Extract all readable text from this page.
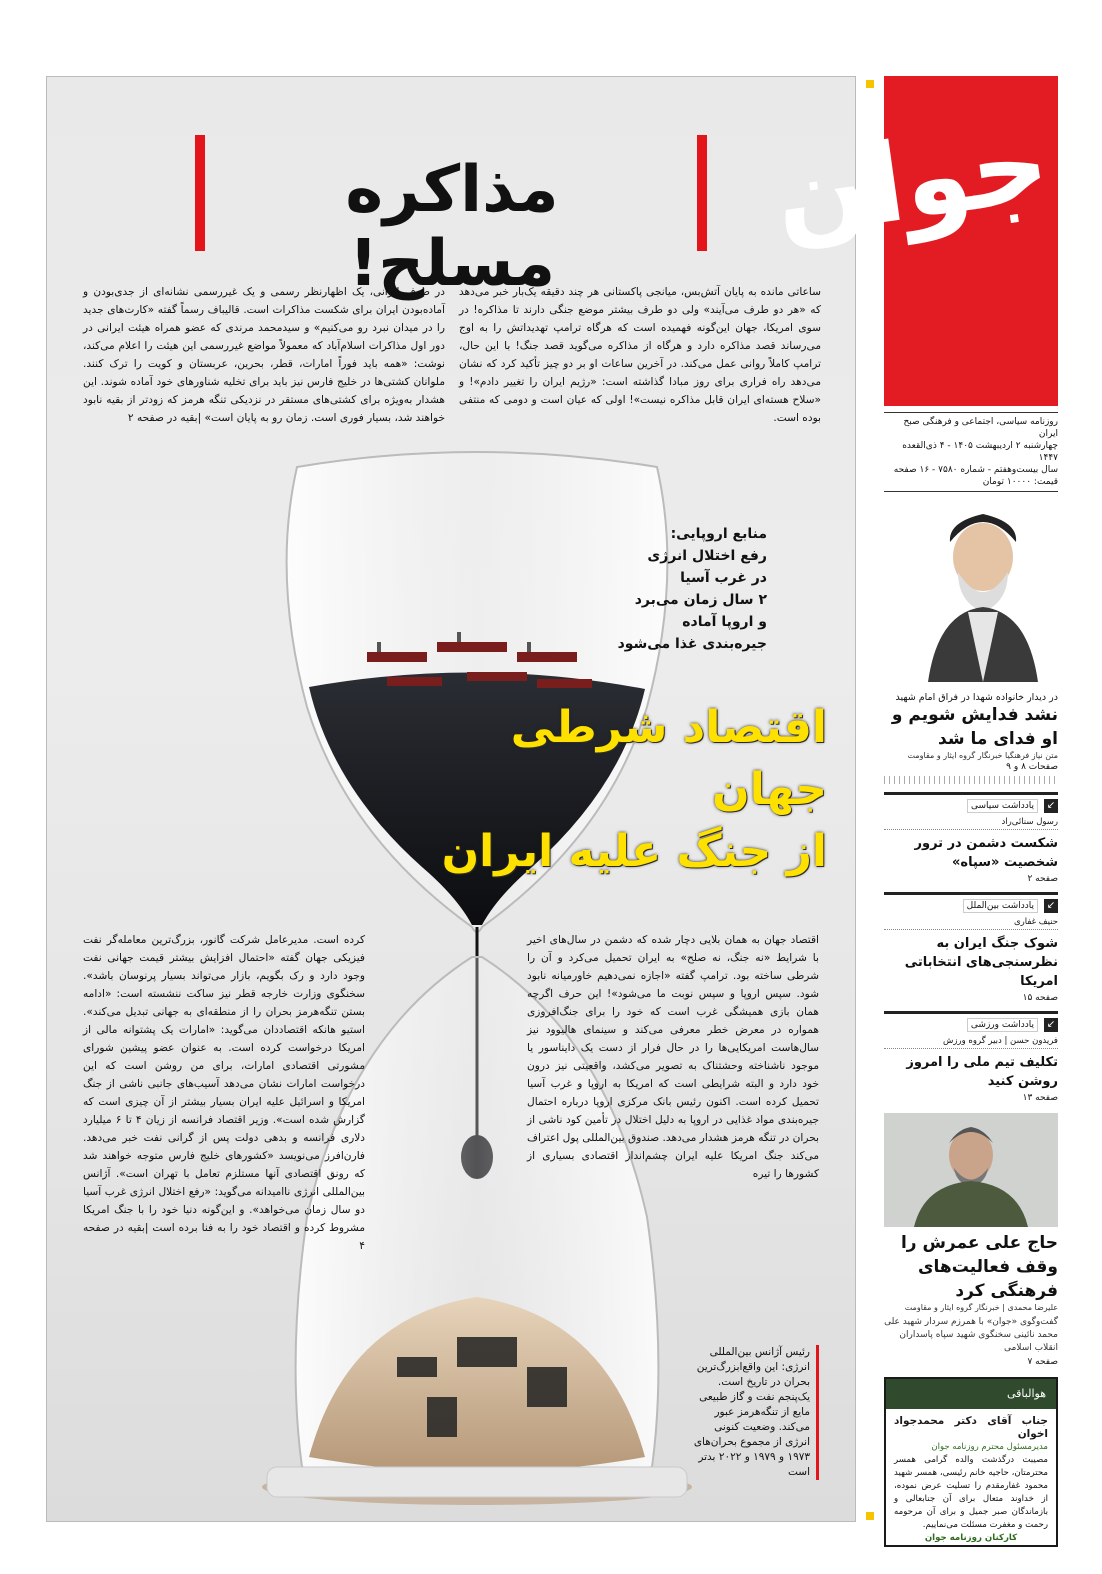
مذاکره مسلح!
ساعاتی مانده به پایان آتش‌بس، میانجی پاکستانی هر چند دقیقه یک‌بار خبر می‌دهد که «هر دو طرف می‌آیند» ولی دو طرف بیشتر موضع جنگی دارند تا مذاکره! در سوی امریکا، جهان این‌گونه فهمیده است که هرگاه ترامپ تهدیداتش را به اوج می‌رساند قصد مذاکره دارد و هرگاه از مذاکره می‌گوید قصد جنگ! با این حال، ترامپ کاملاً روانی عمل می‌کند. در آخرین ساعات او بر دو چیز تأکید کرد که نشان می‌دهد راه فراری برای روز مبادا گذاشته است: «رژیم ایران را تغییر دادم»! و «سلاح هسته‌ای ایران قابل مذاکره نیست»! اولی که عیان است و دومی که منتفی بوده است.
در طرف ایرانی، یک اظهارنظر رسمی و یک غیررسمی نشانه‌ای از جدی‌بودن و آماده‌بودن ایران برای شکست مذاکرات است. قالیباف رسماً گفته «کارت‌های جدید را در میدان نبرد رو می‌کنیم» و سیدمحمد مرندی که عضو همراه هیئت ایرانی در دور اول مذاکرات اسلام‌آباد که معمولاً مواضع غیررسمی این هیئت را اعلام می‌کند، نوشت: «همه باید فوراً امارات، قطر، بحرین، عربستان و کویت را ترک کنند. ملوانان کشتی‌ها در خلیج فارس نیز باید برای تخلیه شناورهای خود آماده شوند. این هشدار به‌ویژه برای کشتی‌های مستقر در نزدیکی تنگه هرمز که زودتر از بقیه نابود خواهند شد، بسیار فوری است. زمان رو به پایان است» |بقیه در صفحه ۲
منابع اروپایی:
رفع اختلال انرژی
در غرب آسیا
۲ سال زمان می‌برد
و اروپا آماده
جیره‌بندی غذا می‌شود
اقتصاد شرطی جهان
از جنگ علیه ایران
اقتصاد جهان به همان بلایی دچار شده که دشمن در سال‌های اخیر با شرایط «نه جنگ، نه صلح» به ایران تحمیل می‌کرد و آن را شرطی ساخته بود. ترامپ گفته «اجازه نمی‌دهیم خاورمیانه نابود شود. سپس اروپا و سپس نوبت ما می‌شود»! این حرف اگرچه همان بازی همیشگی غرب است که خود را برای جنگ‌افروزی همواره در معرض خطر معرفی می‌کند و سینمای هالیوود نیز سال‌هاست امریکایی‌ها را در حال فرار از دست یک دایناسور یا موجود ناشناخته وحشتناک به تصویر می‌کشد، واقعیتی نیز درون خود دارد و البته شرایطی است که امریکا به اروپا و غرب آسیا تحمیل کرده است. اکنون رئیس بانک مرکزی اروپا درباره احتمال جیره‌بندی مواد غذایی در اروپا به دلیل اختلال در تأمین کود ناشی از بحران در تنگه هرمز هشدار می‌دهد. صندوق بین‌المللی پول اعتراف می‌کند جنگ امریکا علیه ایران چشم‌انداز اقتصادی بسیاری از کشورها را تیره
کرده است. مدیرعامل شرکت گانور، بزرگ‌ترین معامله‌گر نفت فیزیکی جهان گفته «احتمال افزایش بیشتر قیمت جهانی نفت وجود دارد و رک بگویم، بازار می‌تواند بسیار پرنوسان باشد». سخنگوی وزارت خارجه قطر نیز ساکت ننشسته است: «ادامه بستن تنگه‌هرمز بحران را از منطقه‌ای به جهانی تبدیل می‌کند». استیو هانکه اقتصاددان می‌گوید: «امارات یک پشتوانه مالی از امریکا درخواست کرده است. به عنوان عضو پیشین شورای مشورتی اقتصادی امارات، برای من روشن است که این درخواست امارات نشان می‌دهد آسیب‌های جانبی ناشی از جنگ امریکا و اسرائیل علیه ایران بسیار بیشتر از آن چیزی است که گزارش شده است». وزیر اقتصاد فرانسه از زیان ۴ تا ۶ میلیارد دلاری فرانسه و بدهی دولت پس از گرانی نفت خبر می‌دهد. فارن‌افرز می‌نویسد «کشورهای خلیج فارس متوجه خواهند شد که رونق اقتصادی آنها مستلزم تعامل با تهران است». آژانس بین‌المللی انرژی ناامیدانه می‌گوید: «رفع اختلال انرژی غرب آسیا دو سال زمان می‌خواهد». و این‌گونه دنیا خود را با جنگ امریکا مشروط کرده و اقتصاد خود را به فنا برده است |بقیه در صفحه ۴
رئیس آژانس بین‌المللی انرژی: این واقع‌ابزرگ‌ترین بحران در تاریخ است. یک‌پنجم نفت و گاز طبیعی مایع از تنگه‌هرمز عبور می‌کند. وضعیت کنونی انرژی از مجموع بحران‌های ۱۹۷۳ و ۱۹۷۹ و ۲۰۲۲ بدتر است
جوان
روزنامه سیاسی، اجتماعی و فرهنگی صبح ایران
چهارشنبه ۲ اردیبهشت ۱۴۰۵ - ۴ ذی‌القعده ۱۴۴۷
سال بیست‌وهفتم - شماره ۷۵۸۰ - ۱۶ صفحه
قیمت: ۱۰۰۰۰ تومان
در دیدار خانواده شهدا در فراق امام شهید
نشد فدایش شویم و او فدای ما شد
متن نیاز فرهنگیا خبرنگار گروه ایثار و مقاومت
صفحات ۸ و ۹
↙
یادداشت سیاسی
رسول سنائی‌راد
شکست دشمن در ترور شخصیت «سپاه»
صفحه ۲
↙
یادداشت بین‌الملل
حنیف غفاری
شوک جنگ ایران به نظرسنجی‌های انتخاباتی امریکا
صفحه ۱۵
↙
یادداشت ورزشی
فریدون حسن | دبیر گروه ورزش
تکلیف تیم ملی را امروز روشن کنید
صفحه ۱۳
حاج علی عمرش را وقف فعالیت‌های فرهنگی کرد
علیرضا محمدی | خبرنگار گروه ایثار و مقاومت
گفت‌وگوی «جوان» با همرزم سردار شهید علی محمد نائینی سخنگوی شهید سپاه پاسداران انقلاب اسلامی
صفحه ۷
هوالباقی
جناب آقای دکتر محمدجواد اخوان
مدیرمسئول محترم روزنامه جوان
مصیبت درگذشت والده گرامی همسر محترمتان، حاجیه خانم رئیسی، همسر شهید محمود غفارمقدم را تسلیت عرض نموده، از خداوند متعال برای آن جنابعالی و بازماندگان صبر جمیل و برای آن مرحومه رحمت و مغفرت مسئلت می‌نماییم.
کارکنان روزنامه جوان
